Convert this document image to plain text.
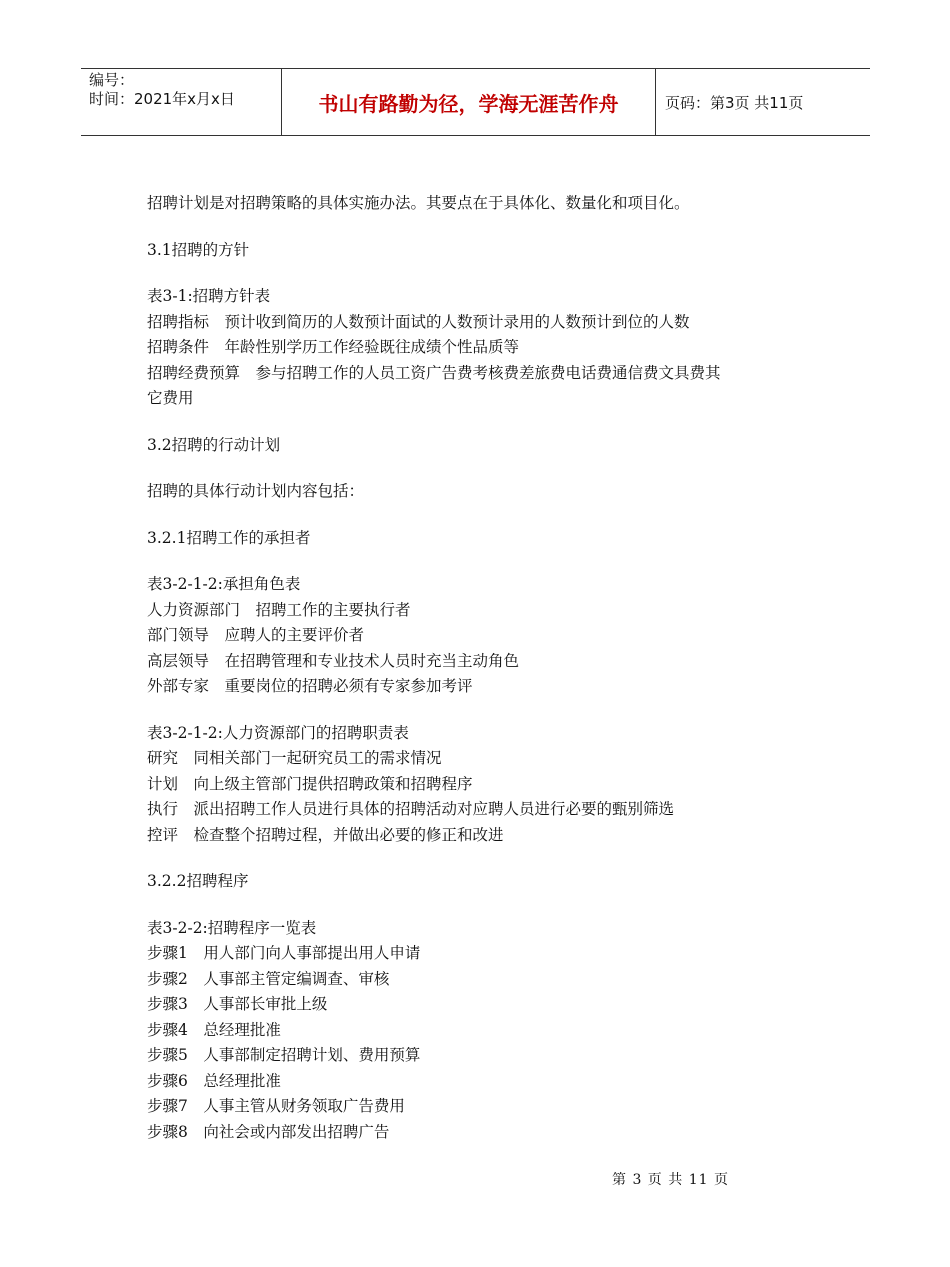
编号：
时间：2021年x月x日	书山有路勤为径，学海无涯苦作舟	页码：第3页 共11页
招聘计划是对招聘策略的具体实施办法。其要点在于具体化、数量化和项目化。
3.1招聘的方针
表3-1:招聘方针表
招聘指标　预计收到简历的人数预计面试的人数预计录用的人数预计到位的人数
招聘条件　年龄性别学历工作经验既往成绩个性品质等
招聘经费预算　参与招聘工作的人员工资广告费考核费差旅费电话费通信费文具费其
它费用
3.2招聘的行动计划
招聘的具体行动计划内容包括：
3.2.1招聘工作的承担者
表3-2-1-2:承担角色表
人力资源部门　招聘工作的主要执行者
部门领导　应聘人的主要评价者
高层领导　在招聘管理和专业技术人员时充当主动角色
外部专家　重要岗位的招聘必须有专家参加考评
表3-2-1-2:人力资源部门的招聘职责表
研究　同相关部门一起研究员工的需求情况
计划　向上级主管部门提供招聘政策和招聘程序
执行　派出招聘工作人员进行具体的招聘活动对应聘人员进行必要的甄别筛选
控评　检查整个招聘过程，并做出必要的修正和改进
3.2.2招聘程序
表3-2-2:招聘程序一览表
步骤1　用人部门向人事部提出用人申请
步骤2　人事部主管定编调查、审核
步骤3　人事部长审批上级
步骤4　总经理批准
步骤5　人事部制定招聘计划、费用预算
步骤6　总经理批准
步骤7　人事主管从财务领取广告费用
步骤8　向社会或内部发出招聘广告
第 3 页 共 11 页
